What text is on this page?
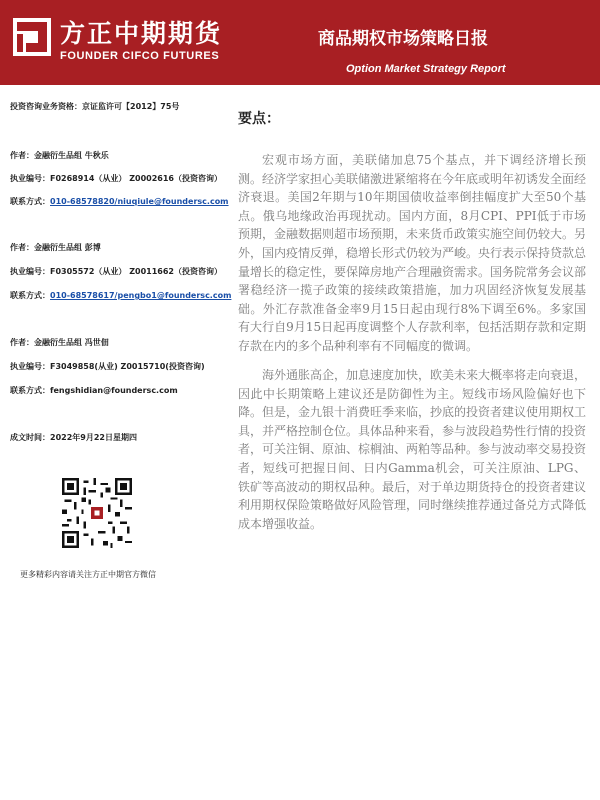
方正中期期货
FOUNDER CIFCO FUTURES
商品期权市场策略日报
Option Market Strategy Report
投资咨询业务资格：京证监许可【2012】75号
作者：金融衍生品组 牛秋乐
执业编号：F0268914（从业） Z0002616（投资咨询）
联系方式：010-68578820/niuqiule@foundersc.com
作者：金融衍生品组 彭博
执业编号：F0305572（从业） Z0011662（投资咨询）
联系方式：010-68578617/pengbo1@foundersc.com
作者：金融衍生品组 冯世佃
执业编号：F3049858(从业) Z0015710(投资咨询)
联系方式：fengshidian@foundersc.com
成文时间：2022年9月22日星期四
更多精彩内容请关注方正中期官方微信
要点：

宏观市场方面，美联储加息75个基点，并下调经济增长预测。经济学家担心美联储激进紧缩将在今年底或明年初诱发全面经济衰退。美国2年期与10年期国债收益率倒挂幅度扩大至50个基点。俄乌地缘政治再现扰动。国内方面，8月CPI、PPI低于市场预期，金融数据则超市场预期，未来货币政策实施空间仍较大。另外，国内疫情反弹，稳增长形式仍较为严峻。央行表示保持贷款总量增长的稳定性，要保障房地产合理融资需求。国务院常务会议部署稳经济一揽子政策的接续政策措施，加力巩固经济恢复发展基础。外汇存款准备金率9月15日起由现行8%下调至6%。多家国有大行自9月15日起再度调整个人存款利率，包括活期存款和定期存款在内的多个品种利率有不同幅度的微调。

海外通胀高企，加息速度加快，欧美未来大概率将走向衰退，因此中长期策略上建议还是防御性为主。短线市场风险偏好也下降。但是，金九银十消费旺季来临，抄底的投资者建议使用期权工具，并严格控制仓位。具体品种来看，参与波段趋势性行情的投资者，可关注铜、原油、棕榈油、两粕等品种。参与波动率交易投资者，短线可把握日间、日内Gamma机会，可关注原油、LPG、铁矿等高波动的期权品种。最后，对于单边期货持仓的投资者建议利用期权保险策略做好风险管理，同时继续推荐通过备兑方式降低成本增强收益。
